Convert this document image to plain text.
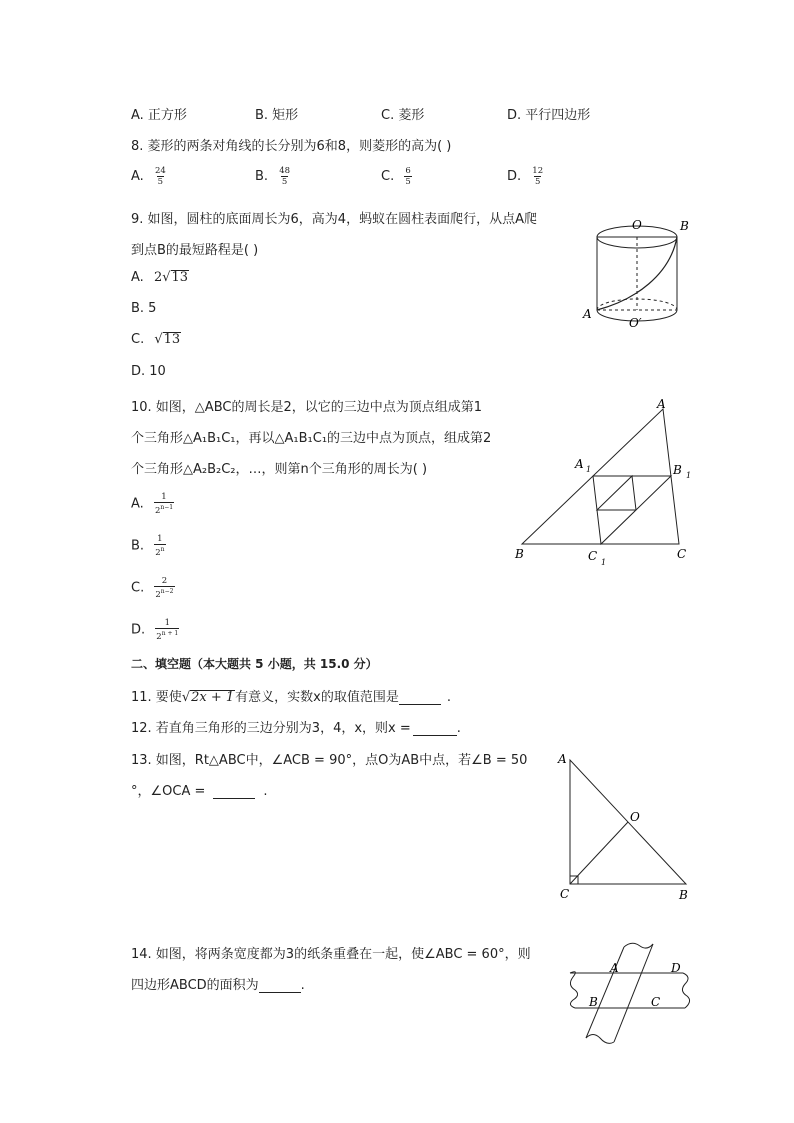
A. 正方形	B. 矩形	C. 菱形	D. 平行四边形
8. 菱形的两条对角线的长分别为6和8，则菱形的高为( )
A. $\frac{24}{5}$	B. $\frac{48}{5}$	C. $\frac{6}{5}$	D. $\frac{12}{5}$
9. 如图，圆柱的底面周长为6，高为4，蚂蚁在圆柱表面爬行，从点A爬
到点B的最短路程是( )
A. 2√13
B. 5
C. √13
D. 10
O	B
A
O′
10. 如图，△ABC的周长是2，以它的三边中点为顶点组成第1
个三角形△A₁B₁C₁，再以△A₁B₁C₁的三边中点为顶点，组成第2
个三角形△A₂B₂C₂，…，则第n个三角形的周长为( )
A. $\frac{1}{2^{n-1}}$
B. $\frac{1}{2^n}$
C. $\frac{2}{2^{n-2}}$
D. $\frac{1}{2^{n + 1}}$
A
A 1	B 1
B	C 1
C
二、填空题（本大题共 5 小题，共 15.0 分）
11. 要使√2x + 1有意义，实数x的取值范围是	.
12. 若直角三角形的三边分别为3，4，x，则x =	.
13. 如图，Rt△ABC中，∠ACB = 90°，点O为AB中点，若∠B = 50
°，∠OCA =	.
A
O
C	B
14. 如图，将两条宽度都为3的纸条重叠在一起，使∠ABC = 60°，则
四边形ABCD的面积为	.
A	D
B	C
